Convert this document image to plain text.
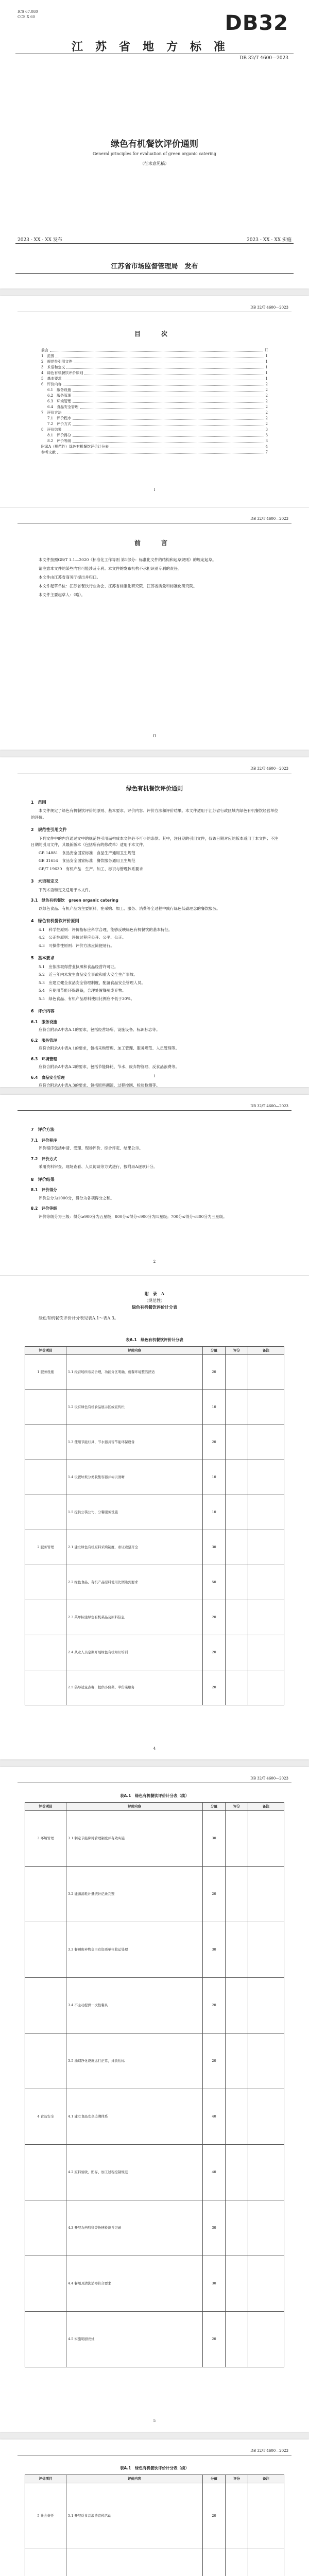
ICS 67.080
CCS X 60	DB32
江苏省地方标准
DB 32/T 4600—2023
绿色有机餐饮评价通则
General principles for evaluation of green organic catering
（征求意见稿）
2023 - XX - XX 发布	2023 - XX - XX 实施
江苏省市场监督管理局　发布
DB 32/T 4600—2023
目　次
前言	II
1　范围	1
2　规范性引用文件	1
3　术语和定义	1
4　绿色有机餐饮评价原则	1
5　基本要求	1
6　评价内容	2
6.1　服务设施	2
6.2　服务管理	2
6.3　环境管理	2
6.4　食品安全管理	2
7　评价方法	2
7.1　评价程序	2
7.2　评价方式	2
8　评价结果	3
8.1　评价得分	3
8.2　评价等级	3
附录A（规范性）绿色有机餐饮评价计分表	4
参考文献	7
I
DB 32/T 4600—2023
前　言

本文件按照GB/T 1.1—2020《标准化工作导则 第1部分：标准化文件的结构和起草规则》的规定起草。

请注意本文件的某些内容可能涉及专利。本文件的发布机构不承担识别专利的责任。

本文件由江苏省商务厅提出并归口。

本文件起草单位：江苏省餐饮行业协会、江苏省标准化研究院、江苏省质量和标准化研究院。

本文件主要起草人：（略）。

II
DB 32/T 4600—2023
绿色有机餐饮评价通则
1　范围

本文件规定了绿色有机餐饮评价的原则、基本要求、评价内容、评价方法和评价结果。本文件适用于江苏省行政区域内绿色有机餐饮经营单位的评价。

2　规范性引用文件

下列文件中的内容通过文中的规范性引用而构成本文件必不可少的条款。其中，注日期的引用文件，仅该日期对应的版本适用于本文件；不注日期的引用文件，其最新版本（包括所有的修改单）适用于本文件。

GB 14881　食品安全国家标准　食品生产通用卫生规范

GB 31654　食品安全国家标准　餐饮服务通用卫生规范

GB/T 19630　有机产品　生产、加工、标识与管理体系要求

3　术语和定义

下列术语和定义适用于本文件。

3.1　绿色有机餐饮　green organic catering

以绿色食品、有机产品为主要原料，在采购、加工、服务、消费等全过程中践行绿色低碳理念的餐饮服务。

4　绿色有机餐饮评价原则

4.1　科学性原则：评价指标应科学合理，能够反映绿色有机餐饮的基本特征。

4.2　公正性原则：评价过程应公开、公平、公正。

4.3　可操作性原则：评价方法应简便易行。

5　基本要求

5.1　应依法取得营业执照和食品经营许可证。

5.2　近三年内未发生食品安全事故和重大安全生产事故。

5.3　应建立健全食品安全管理制度，配备食品安全管理人员。

5.4　应使用节能环保设备，合理处置餐厨废弃物。

5.5　绿色食品、有机产品原料使用比例应不低于30%。

6　评价内容
6.1　服务设施

应符合附录A中表A.1的要求，包括经营场所、设施设备、标识标志等。

6.2　服务管理

应符合附录A中表A.1的要求，包括采购管理、加工管理、服务规范、人员管理等。

6.3　环境管理

应符合附录A中表A.2的要求，包括节能降耗、节水、废弃物管理、反食品浪费等。

6.4　食品安全管理

应符合附录A中表A.3的要求，包括原料溯源、过程控制、检验检测等。

1
DB 32/T 4600—2023
7　评价方法
7.1　评价程序

评价程序包括申请、受理、现场评价、综合评定、结果公示。

7.2　评价方式

采用资料审查、现场查看、人员访谈等方式进行，按附录A逐项计分。

8　评价结果
8.1　评价得分

评价总分为1000分，得分为各项得分之和。

8.2　评价等级

评价等级分为三级：得分≥900分为五星级；800分≤得分<900分为四星级；700分≤得分<800分为三星级。

2
附　录　A
（规范性）
绿色有机餐饮评价计分表
绿色有机餐饮评价计分表见表A.1～表A.3。
表A.1　绿色有机餐饮评价计分表
评价项目	评价内容	分值	评分	备注
1 服务设施	1.1 经营场所布局合理，功能分区明确，就餐环境整洁舒适	20		
	1.2 设有绿色有机食品展示区或宣传栏	10		
	1.3 使用节能灯具、节水器具等节能环保设备	20		
	1.4 设置垃圾分类收集容器并标识清晰	10		
	1.5 提供公筷公勺、分餐服务设施	10		
2 服务管理	2.1 建立绿色有机原料采购制度，索证索票齐全	30		
	2.2 绿色食品、有机产品原料使用比例达到要求	50		
	2.3 菜单标注绿色有机菜品及原料信息	20		
	2.4 从业人员定期开展绿色有机知识培训	20		
	2.5 倡导适量点餐，提供小份菜、半份菜服务	20		
4
DB 32/T 4600—2023
表A.1　绿色有机餐饮评价计分表（续）
评价项目	评价内容	分值	评分	备注
3 环境管理	3.1 制定节能降耗管理制度并有效实施	30		
	3.2 能源消耗计量统计记录完整	20		
	3.3 餐厨废弃物交由有资质单位收运处理	30		
	3.4 不主动提供一次性餐具	20		
	3.5 油烟净化设施运行正常，排放达标	20		
4 食品安全	4.1 建立食品安全追溯体系	40		
	4.2 原料验收、贮存、加工过程控制规范	40		
	4.3 开展农药残留等快速检测并记录	30		
	4.4 餐用具清洗消毒符合要求	30		
	4.5 实施明厨亮灶	20		
5
DB 32/T 4600—2023
表A.1　绿色有机餐饮评价计分表（续）
评价项目	评价内容	分值	评分	备注
5 社会责任	5.1 开展反食品浪费宣传活动	20		
